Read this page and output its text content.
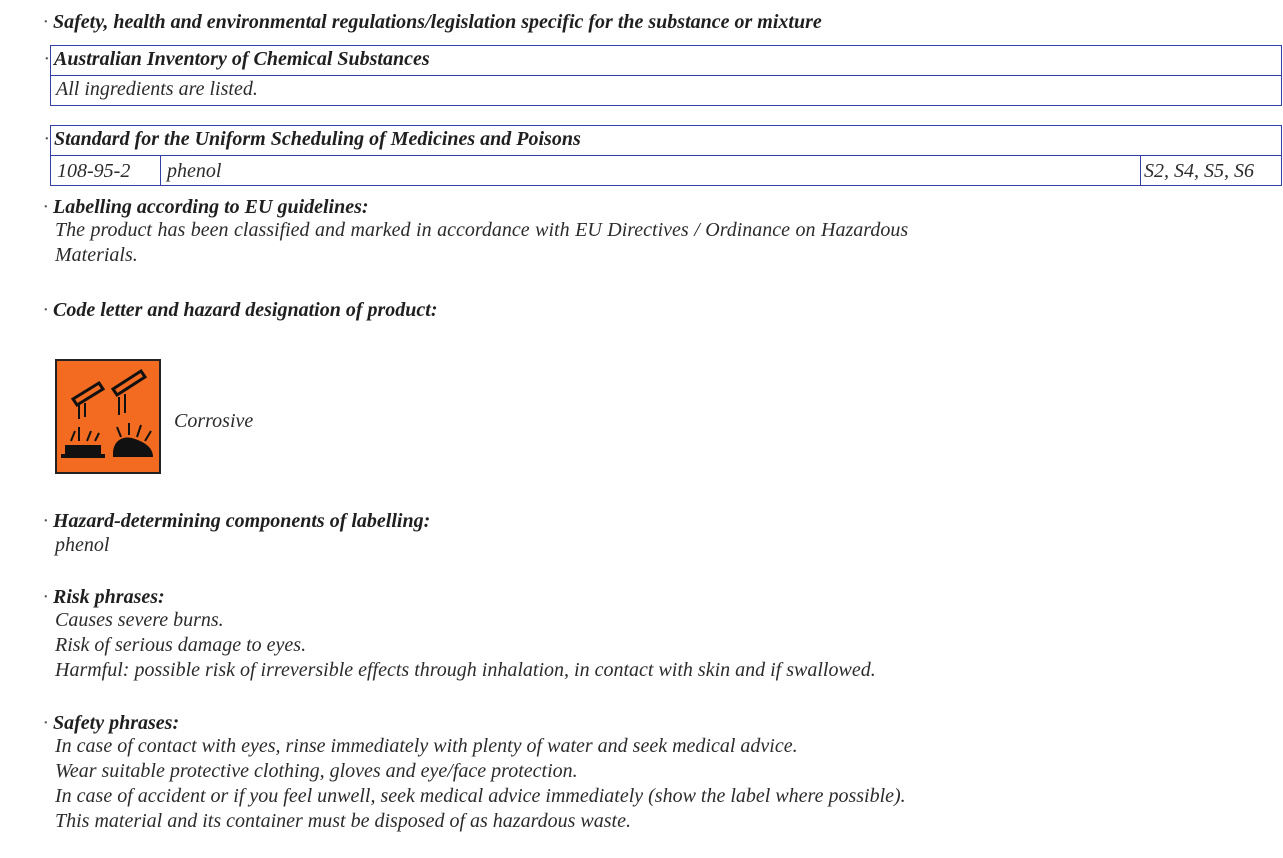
· Safety, health and environmental regulations/legislation specific for the substance or mixture
· Australian Inventory of Chemical Substances
All ingredients are listed.
· Standard for the Uniform Scheduling of Medicines and Poisons
108-95-2	phenol	S2, S4, S5, S6
· Labelling according to EU guidelines:
The product has been classified and marked in accordance with EU Directives / Ordinance on Hazardous
Materials.
· Code letter and hazard designation of product:
Corrosive
· Hazard-determining components of labelling:
phenol
· Risk phrases:
Causes severe burns.
Risk of serious damage to eyes.
Harmful: possible risk of irreversible effects through inhalation, in contact with skin and if swallowed.
· Safety phrases:
In case of contact with eyes, rinse immediately with plenty of water and seek medical advice.
Wear suitable protective clothing, gloves and eye/face protection.
In case of accident or if you feel unwell, seek medical advice immediately (show the label where possible).
This material and its container must be disposed of as hazardous waste.
